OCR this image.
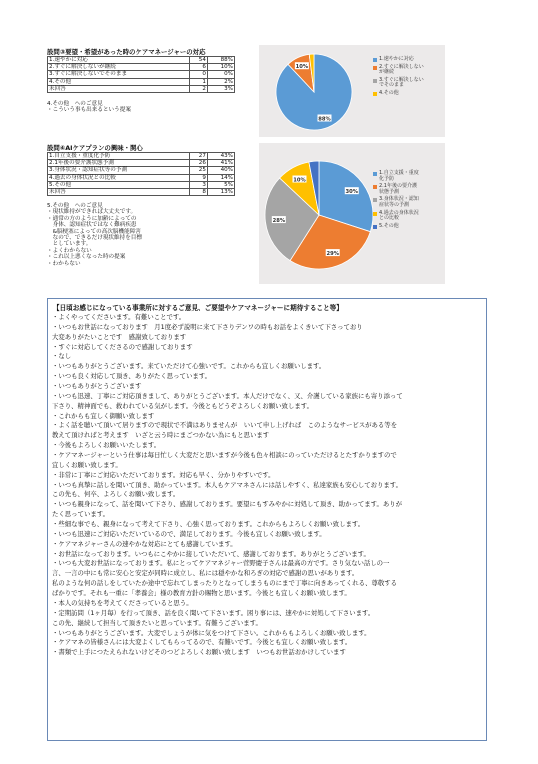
設問③要望・希望があった時のケアマネージャーの対応
1.速やかに対応	54	88%
2.すぐに解決しないが継続	6	10%
3.すぐに解決しないでそのまま	0	0%
4.その他	1	2%
未回答	2	3%
4.その他　へのご意見
・こういう事も出来るという提案
88%
10%
1.速やかに対応
2.すぐに解決しない
が継続
3.すぐに解決しない
でそのまま
4.その他
設問④AIケアプランの興味・関心
1.自立支援・重度化予防	27	43%
2.1年後の要介護状態予測	26	41%
3.身体状況・認知症状等の予測	25	40%
4.過去の身体状況との比較	9	14%
5.その他	3	5%
未回答	8	13%
5.その他　へのご意見
・現状維持ができれば大丈夫です。
・通常の方のように加齢によっての
　身体、認知症状ではなく難病疾患
　&脳梗塞によっての高次脳機能障害
　なので、できるだけ現状維持を目標
　としています。
・よくわからない
・これ以上悪くなった時の提案
・わからない
30%
29%
28%
10%
1.自立支援・重度
化予防
2.1年後の要介護
状態予測
3.身体状況・認知
症状等の予測
4.過去の身体状況
との比較
5.その他
【日頃お感じになっている事業所に対するご意見、ご要望やケアマネージャーに期待すること等】
・よくやってくださいます。有難いことです。
・いつもお世話になっております　月1度必ず説明に来て下さりデンワの時もお話をよくきいて下さっており
大変ありがたいことです　感謝致しております
・すぐに対応してくださるので感謝しております
・なし
・いつもありがとうございます。来ていただけて心強いです。これからも宜しくお願いします。
・いつも良く対応して頂き、ありがたく思っています。
・いつもありがとうございます
・いつも迅速、丁寧にご対応頂きまして、ありがとうございます。本人だけでなく、又、介護している家族にも寄り添って
下さり、精神面でも、救われている気がします。今後ともどうぞよろしくお願い致します。
・これからも宜しく御願い致します
・よく話を聴いて頂いて居りますので現状で不満はありませんが　いいて申し上げれば　このようなサービスがある等を
教えて頂ければと考えます　いざと云う時にまごつかない為にもと思います
・今後もよろしくお願いいたします。
・ケアマネージャーという仕事は毎日忙しく大変だと思いますが今後も色々相談にのっていただけるとたすかりますので
宜しくお願い致します。
・非常に丁寧にご対応いただいております。対応も早く、分かりやすいです。
・いつも真摯に話しを聞いて頂き、助かっています。本人もケアマネさんには話しやすく、私達家族も安心しております。
この先も、何卒、よろしくお願い致します。
・いつも親身になって、話を聞いて下さり、感謝しております。要望にもすみやかに対処して頂き、助かってます。ありが
たく思っています。
・些細な事でも、親身になって考えて下さり、心強く思っております。これからもよろしくお願い致します。
・いつも迅速にご対応いただいているので、満足しております。今後も宜しくお願い致します。
・ケアマネジャーさんの速やかな対応にとても感謝しています。
・お世話になっております。いつもにこやかに接していただいて、感謝しております。ありがとうございます。
・いつも大変お世話になっております。私にとってケアマネジャー菅野慶子さんは最高の方です。さり気ない話しの一
言、一言の中にも常に安心と安定が同時に成立し、私には穏やかな和ろぎの対応で感謝の思いがあります。
私のような何の話しをしていたか途中で忘れてしまったりとなってしまうものにまで丁寧に向きあってくれる、尊敬する
ばかりです。それも一重に「孝養会」様の教育方針の賜物と思います。今後とも宜しくお願い致します。
・本人の気持ちを考えてくださっていると思う。
・定期訪問（1ヶ月毎）を行って頂き、話を良く聞いて下さいます。困り事には、速やかに対処して下さいます。
この先、継続して担当して頂きたいと思っています。有難うございます。
・いつもありがとうございます。大変でしょうが体に気をつけて下さい。これからもよろしくお願い致します。
・ケアマネの皆様さんには大変よくしてもらってるので、有難いです。今後とも宜しくお願い致します。
・書類で上手につたえられないけどそのつどよろしくお願い致します　いつもお世話おかけしています
